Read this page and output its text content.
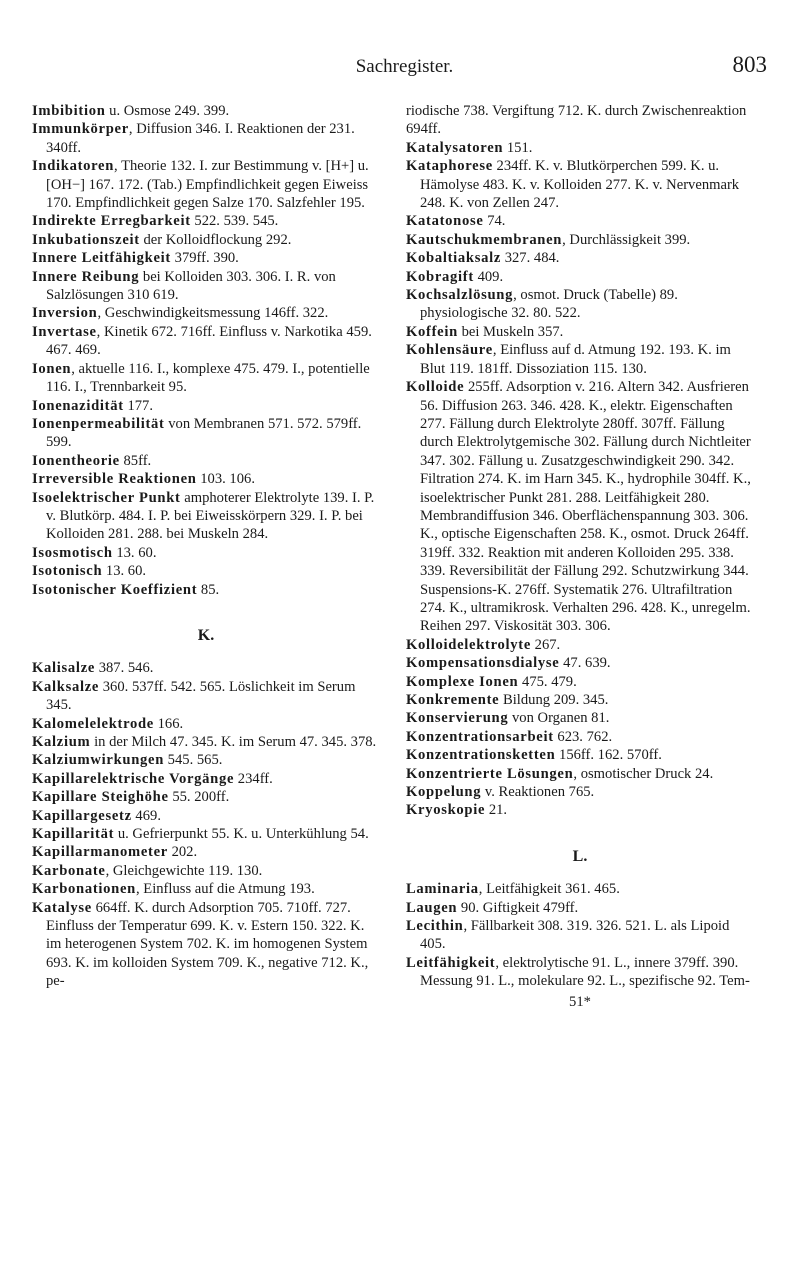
Sachregister.	803
Imbibition u. Osmose 249. 399.
Immunkörper, Diffusion 346. I. Reaktionen der 231. 340ff.
Indikatoren, Theorie 132. I. zur Bestimmung v. [H+] u. [OH−] 167. 172. (Tab.) Empfindlichkeit gegen Eiweiss 170. Empfindlichkeit gegen Salze 170. Salzfehler 195.
Indirekte Erregbarkeit 522. 539. 545.
Inkubationszeit der Kolloidflockung 292.
Innere Leitfähigkeit 379ff. 390.
Innere Reibung bei Kolloiden 303. 306. I. R. von Salzlösungen 310 619.
Inversion, Geschwindigkeitsmessung 146ff. 322.
Invertase, Kinetik 672. 716ff. Einfluss v. Narkotika 459. 467. 469.
Ionen, aktuelle 116. I., komplexe 475. 479. I., potentielle 116. I., Trennbarkeit 95.
Ionenazidität 177.
Ionenpermeabilität von Membranen 571. 572. 579ff. 599.
Ionentheorie 85ff.
Irreversible Reaktionen 103. 106.
Isoelektrischer Punkt amphoterer Elektrolyte 139. I. P. v. Blutkörp. 484. I. P. bei Eiweisskörpern 329. I. P. bei Kolloiden 281. 288. bei Muskeln 284.
Isosmotisch 13. 60.
Isotonisch 13. 60.
Isotonischer Koeffizient 85.
K.
Kalisalze 387. 546.
Kalksalze 360. 537ff. 542. 565. Löslichkeit im Serum 345.
Kalomelelektrode 166.
Kalzium in der Milch 47. 345. K. im Serum 47. 345. 378.
Kalziumwirkungen 545. 565.
Kapillarelektrische Vorgänge 234ff.
Kapillare Steighöhe 55. 200ff.
Kapillargesetz 469.
Kapillarität u. Gefrierpunkt 55. K. u. Unterkühlung 54.
Kapillarmanometer 202.
Karbonate, Gleichgewichte 119. 130.
Karbonationen, Einfluss auf die Atmung 193.
Katalyse 664ff. K. durch Adsorption 705. 710ff. 727. Einfluss der Temperatur 699. K. v. Estern 150. 322. K. im heterogenen System 702. K. im homogenen System 693. K. im kolloiden System 709. K., negative 712. K., pe-
riodische 738. Vergiftung 712. K. durch Zwischenreaktion 694ff.
Katalysatoren 151.
Kataphorese 234ff. K. v. Blutkörperchen 599. K. u. Hämolyse 483. K. v. Kolloiden 277. K. v. Nervenmark 248. K. von Zellen 247.
Katatonose 74.
Kautschukmembranen, Durchlässigkeit 399.
Kobaltiaksalz 327. 484.
Kobragift 409.
Kochsalzlösung, osmot. Druck (Tabelle) 89. physiologische 32. 80. 522.
Koffein bei Muskeln 357.
Kohlensäure, Einfluss auf d. Atmung 192. 193. K. im Blut 119. 181ff. Dissoziation 115. 130.
Kolloide 255ff. Adsorption v. 216. Altern 342. Ausfrieren 56. Diffusion 263. 346. 428. K., elektr. Eigenschaften 277. Fällung durch Elektrolyte 280ff. 307ff. Fällung durch Elektrolytgemische 302. Fällung durch Nichtleiter 347. 302. Fällung u. Zusatzgeschwindigkeit 290. 342. Filtration 274. K. im Harn 345. K., hydrophile 304ff. K., isoelektrischer Punkt 281. 288. Leitfähigkeit 280. Membrandiffusion 346. Oberflächenspannung 303. 306. K., optische Eigenschaften 258. K., osmot. Druck 264ff. 319ff. 332. Reaktion mit anderen Kolloiden 295. 338. 339. Reversibilität der Fällung 292. Schutzwirkung 344. Suspensions-K. 276ff. Systematik 276. Ultrafiltration 274. K., ultramikrosk. Verhalten 296. 428. K., unregelm. Reihen 297. Viskosität 303. 306.
Kolloidelektrolyte 267.
Kompensationsdialyse 47. 639.
Komplexe Ionen 475. 479.
Konkremente Bildung 209. 345.
Konservierung von Organen 81.
Konzentrationsarbeit 623. 762.
Konzentrationsketten 156ff. 162. 570ff.
Konzentrierte Lösungen, osmotischer Druck 24.
Koppelung v. Reaktionen 765.
Kryoskopie 21.
L.
Laminaria, Leitfähigkeit 361. 465.
Laugen 90. Giftigkeit 479ff.
Lecithin, Fällbarkeit 308. 319. 326. 521. L. als Lipoid 405.
Leitfähigkeit, elektrolytische 91. L., innere 379ff. 390. Messung 91. L., molekulare 92. L., spezifische 92. Tem-
51*
